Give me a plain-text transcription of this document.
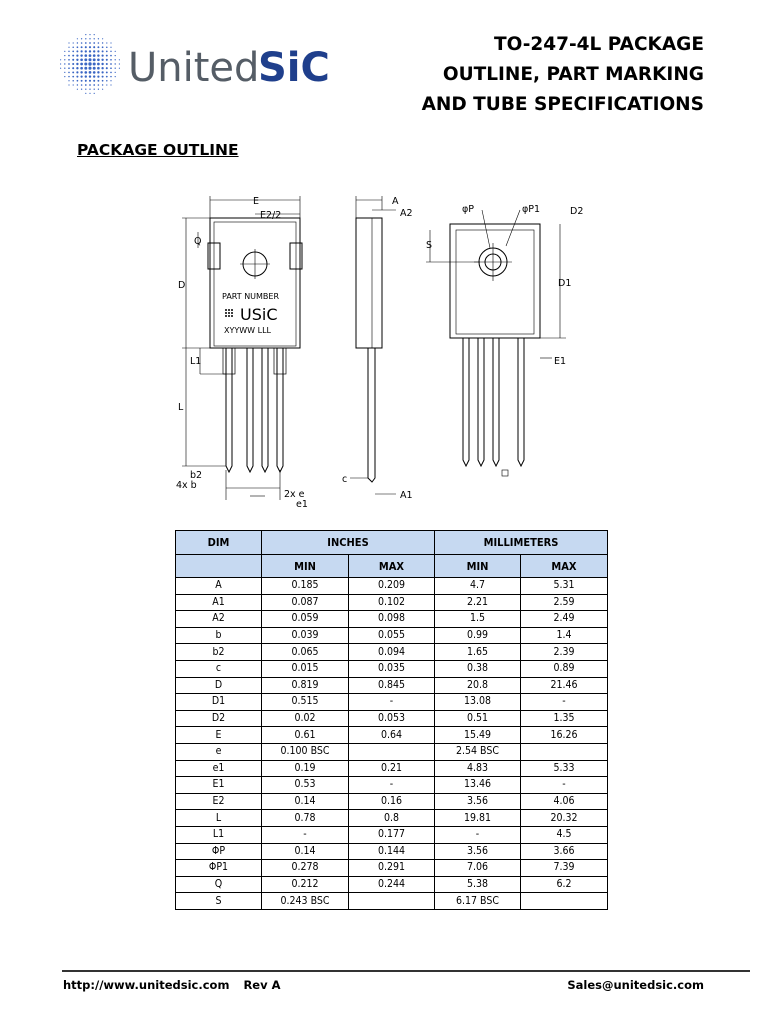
United
SiC
TO-247-4L PACKAGE
OUTLINE, PART MARKING
AND TUBE SPECIFICATIONS
PACKAGE OUTLINE
E
E2/2
Q
D
L1
L
b2
4x b
2x e
e1
PART NUMBER
USiC
XYYWW LLL
A
A2
A1
c
φP	φP1	D2
S
D1
E1
DIM	INCHES		MILLIMETERS	
	MIN	MAX	MIN	MAX
A	0.185	0.209	4.7	5.31
A1	0.087	0.102	2.21	2.59
A2	0.059	0.098	1.5	2.49
b	0.039	0.055	0.99	1.4
b2	0.065	0.094	1.65	2.39
c	0.015	0.035	0.38	0.89
D	0.819	0.845	20.8	21.46
D1	0.515	-	13.08	-
D2	0.02	0.053	0.51	1.35
E	0.61	0.64	15.49	16.26
e	0.100 BSC		2.54 BSC	
e1	0.19	0.21	4.83	5.33
E1	0.53	-	13.46	-
E2	0.14	0.16	3.56	4.06
L	0.78	0.8	19.81	20.32
L1	-	0.177	-	4.5
ΦP	0.14	0.144	3.56	3.66
ΦP1	0.278	0.291	7.06	7.39
Q	0.212	0.244	5.38	6.2
S	0.243 BSC		6.17 BSC	
http://www.unitedsic.com Rev A	Sales@unitedsic.com
